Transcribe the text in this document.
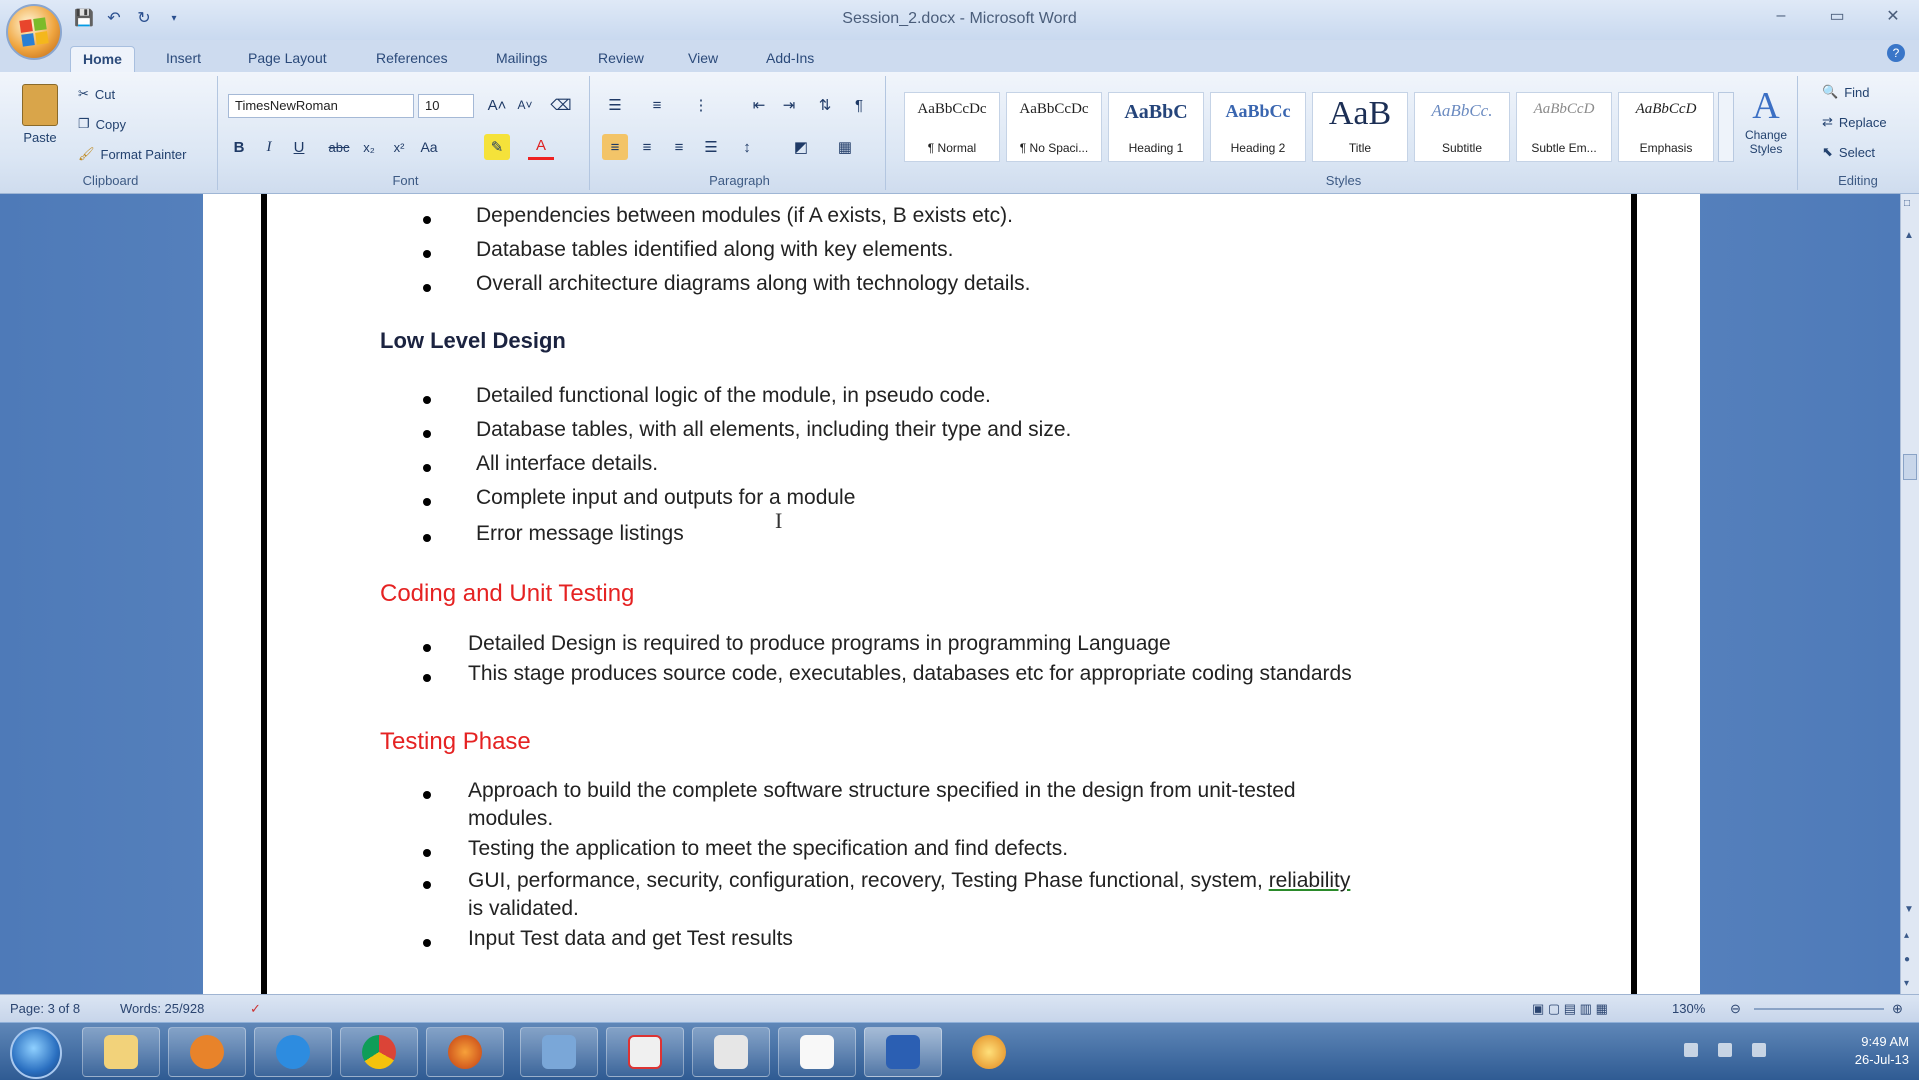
💾 ↶ ↻	▾	Session_2.docx - Microsoft Word	–	▭	✕
Home	Insert	Page Layout	References	Mailings	Review	View	Add-Ins	?
Paste
✂ Cut
❐ Copy
🖌 Format Painter
Clipboard
TimesNewRoman	10	A˄ A˅	⌫
B	I	U	abc	x₂	x²	Aa	✎	A
Font
☰	≡	⋮	⇤	⇥	⇅	¶
≡	≡	≡	☰	↕	◩	▦
Paragraph
AaBbCcDc
¶ Normal
AaBbCcDc
¶ No Spaci...
AaBbC
Heading 1
AaBbCc
Heading 2
AaB
Title
AaBbCc.
Subtitle
AaBbCcD
Subtle Em...
AaBbCcD
Emphasis
A
Change Styles
Styles
🔍 Find
⇄ Replace
⬉ Select
Editing
Dependencies between modules (if A exists, B exists etc).
Database tables identified along with key elements.
Overall architecture diagrams along with technology details.
Low Level Design
Detailed functional logic of the module, in pseudo code.
Database tables, with all elements, including their type and size.
All interface details.
Complete input and outputs for a module
Error message listings
I
Coding and Unit Testing
Detailed Design is required to produce programs in programming Language
This stage produces source code, executables, databases etc for appropriate coding standards
Testing Phase
Approach to build the complete software structure specified in the design from unit-tested
modules.
Testing the application to meet the specification and find defects.
GUI, performance, security, configuration, recovery, Testing Phase functional, system, reliability
is validated.
Input Test data and get Test results
□
▲
▼
▴
●
▾
Page: 3 of 8	Words: 25/928	✓	▣ ▢ ▤ ▥ ▦	130% ⊖	⊕
9:49 AM
26-Jul-13
